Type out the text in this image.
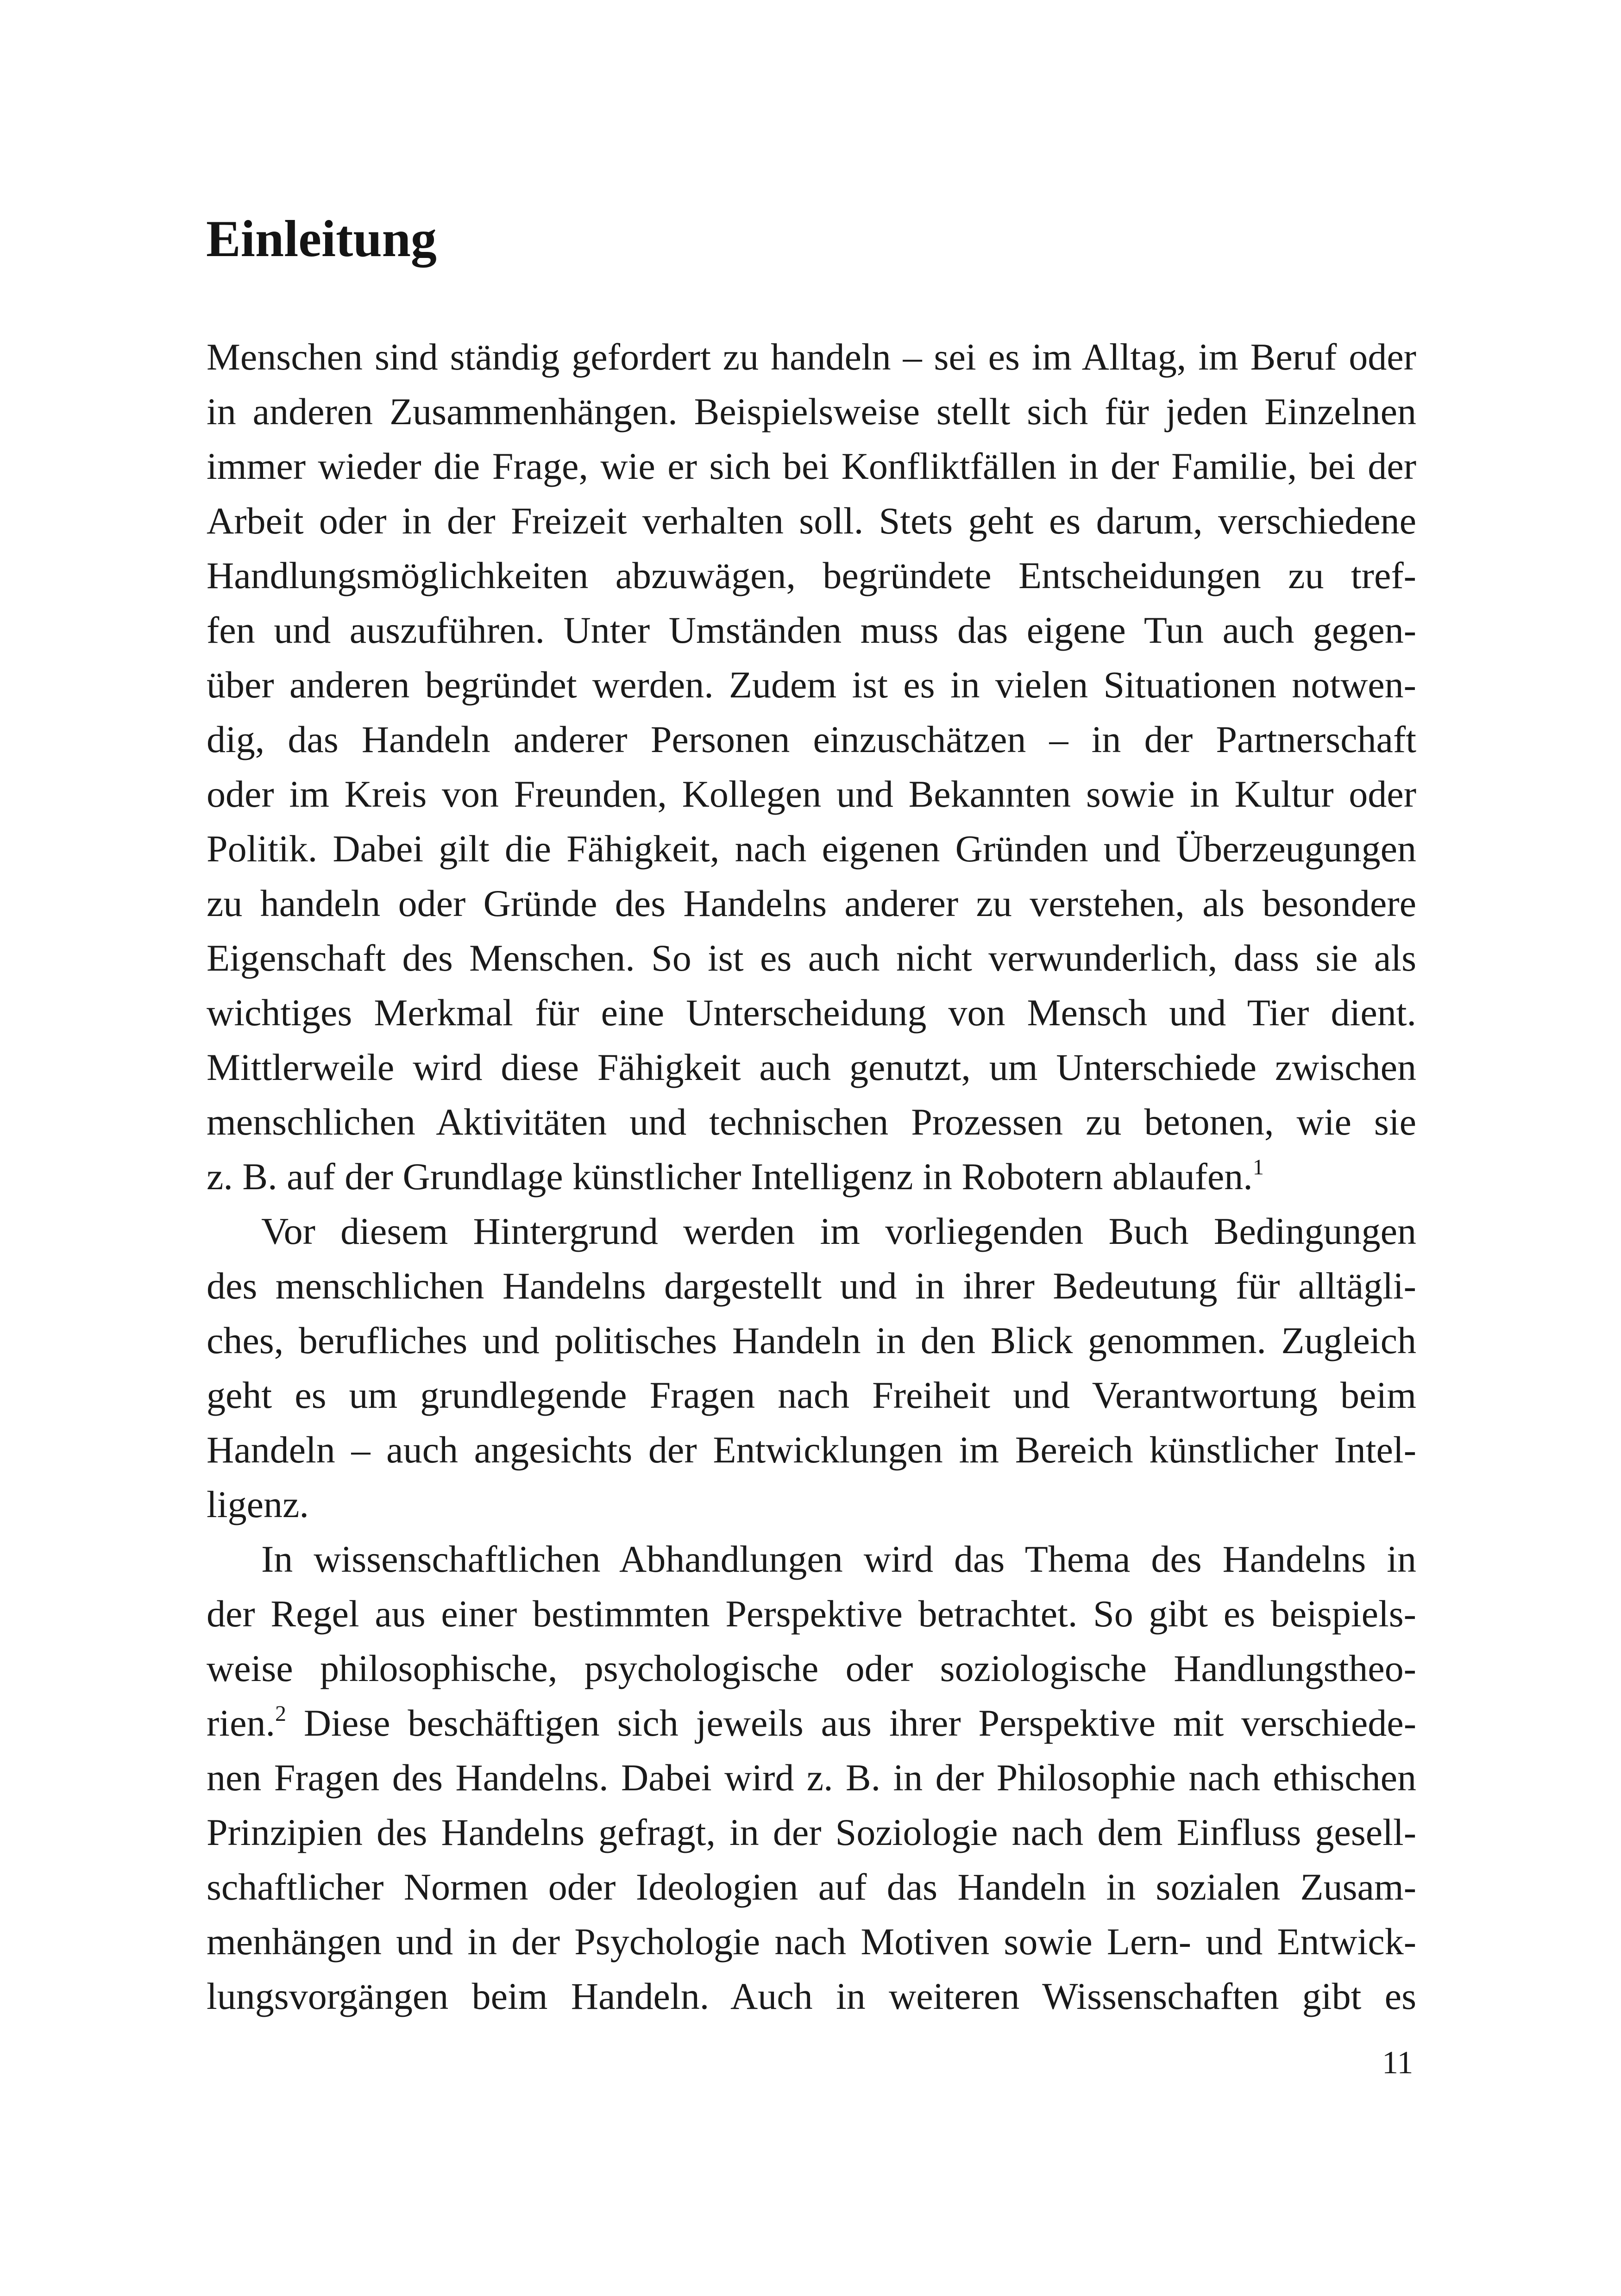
Einleitung
Menschen sind ständig gefordert zu handeln – sei es im Alltag, im Beruf oder
in anderen Zusammenhängen. Beispielsweise stellt sich für jeden Einzelnen
immer wieder die Frage, wie er sich bei Konfliktfällen in der Familie, bei der
Arbeit oder in der Freizeit verhalten soll. Stets geht es darum, verschiedene
Handlungsmöglichkeiten abzuwägen, begründete Entscheidungen zu tref-
fen und auszuführen. Unter Umständen muss das eigene Tun auch gegen-
über anderen begründet werden. Zudem ist es in vielen Situationen notwen-
dig, das Handeln anderer Personen einzuschätzen – in der Partnerschaft
oder im Kreis von Freunden, Kollegen und Bekannten sowie in Kultur oder
Politik. Dabei gilt die Fähigkeit, nach eigenen Gründen und Überzeugungen
zu handeln oder Gründe des Handelns anderer zu verstehen, als besondere
Eigenschaft des Menschen. So ist es auch nicht verwunderlich, dass sie als
wichtiges Merkmal für eine Unterscheidung von Mensch und Tier dient.
Mittlerweile wird diese Fähigkeit auch genutzt, um Unterschiede zwischen
menschlichen Aktivitäten und technischen Prozessen zu betonen, wie sie
z. B. auf der Grundlage künstlicher Intelligenz in Robotern ablaufen.$^1$
Vor diesem Hintergrund werden im vorliegenden Buch Bedingungen
des menschlichen Handelns dargestellt und in ihrer Bedeutung für alltägli-
ches, berufliches und politisches Handeln in den Blick genommen. Zugleich
geht es um grundlegende Fragen nach Freiheit und Verantwortung beim
Handeln – auch angesichts der Entwicklungen im Bereich künstlicher Intel-
ligenz.
In wissenschaftlichen Abhandlungen wird das Thema des Handelns in
der Regel aus einer bestimmten Perspektive betrachtet. So gibt es beispiels-
weise philosophische, psychologische oder soziologische Handlungstheo-
rien.$^2$ Diese beschäftigen sich jeweils aus ihrer Perspektive mit verschiede-
nen Fragen des Handelns. Dabei wird z. B. in der Philosophie nach ethischen
Prinzipien des Handelns gefragt, in der Soziologie nach dem Einfluss gesell-
schaftlicher Normen oder Ideologien auf das Handeln in sozialen Zusam-
menhängen und in der Psychologie nach Motiven sowie Lern- und Entwick-
lungsvorgängen beim Handeln. Auch in weiteren Wissenschaften gibt es
11
